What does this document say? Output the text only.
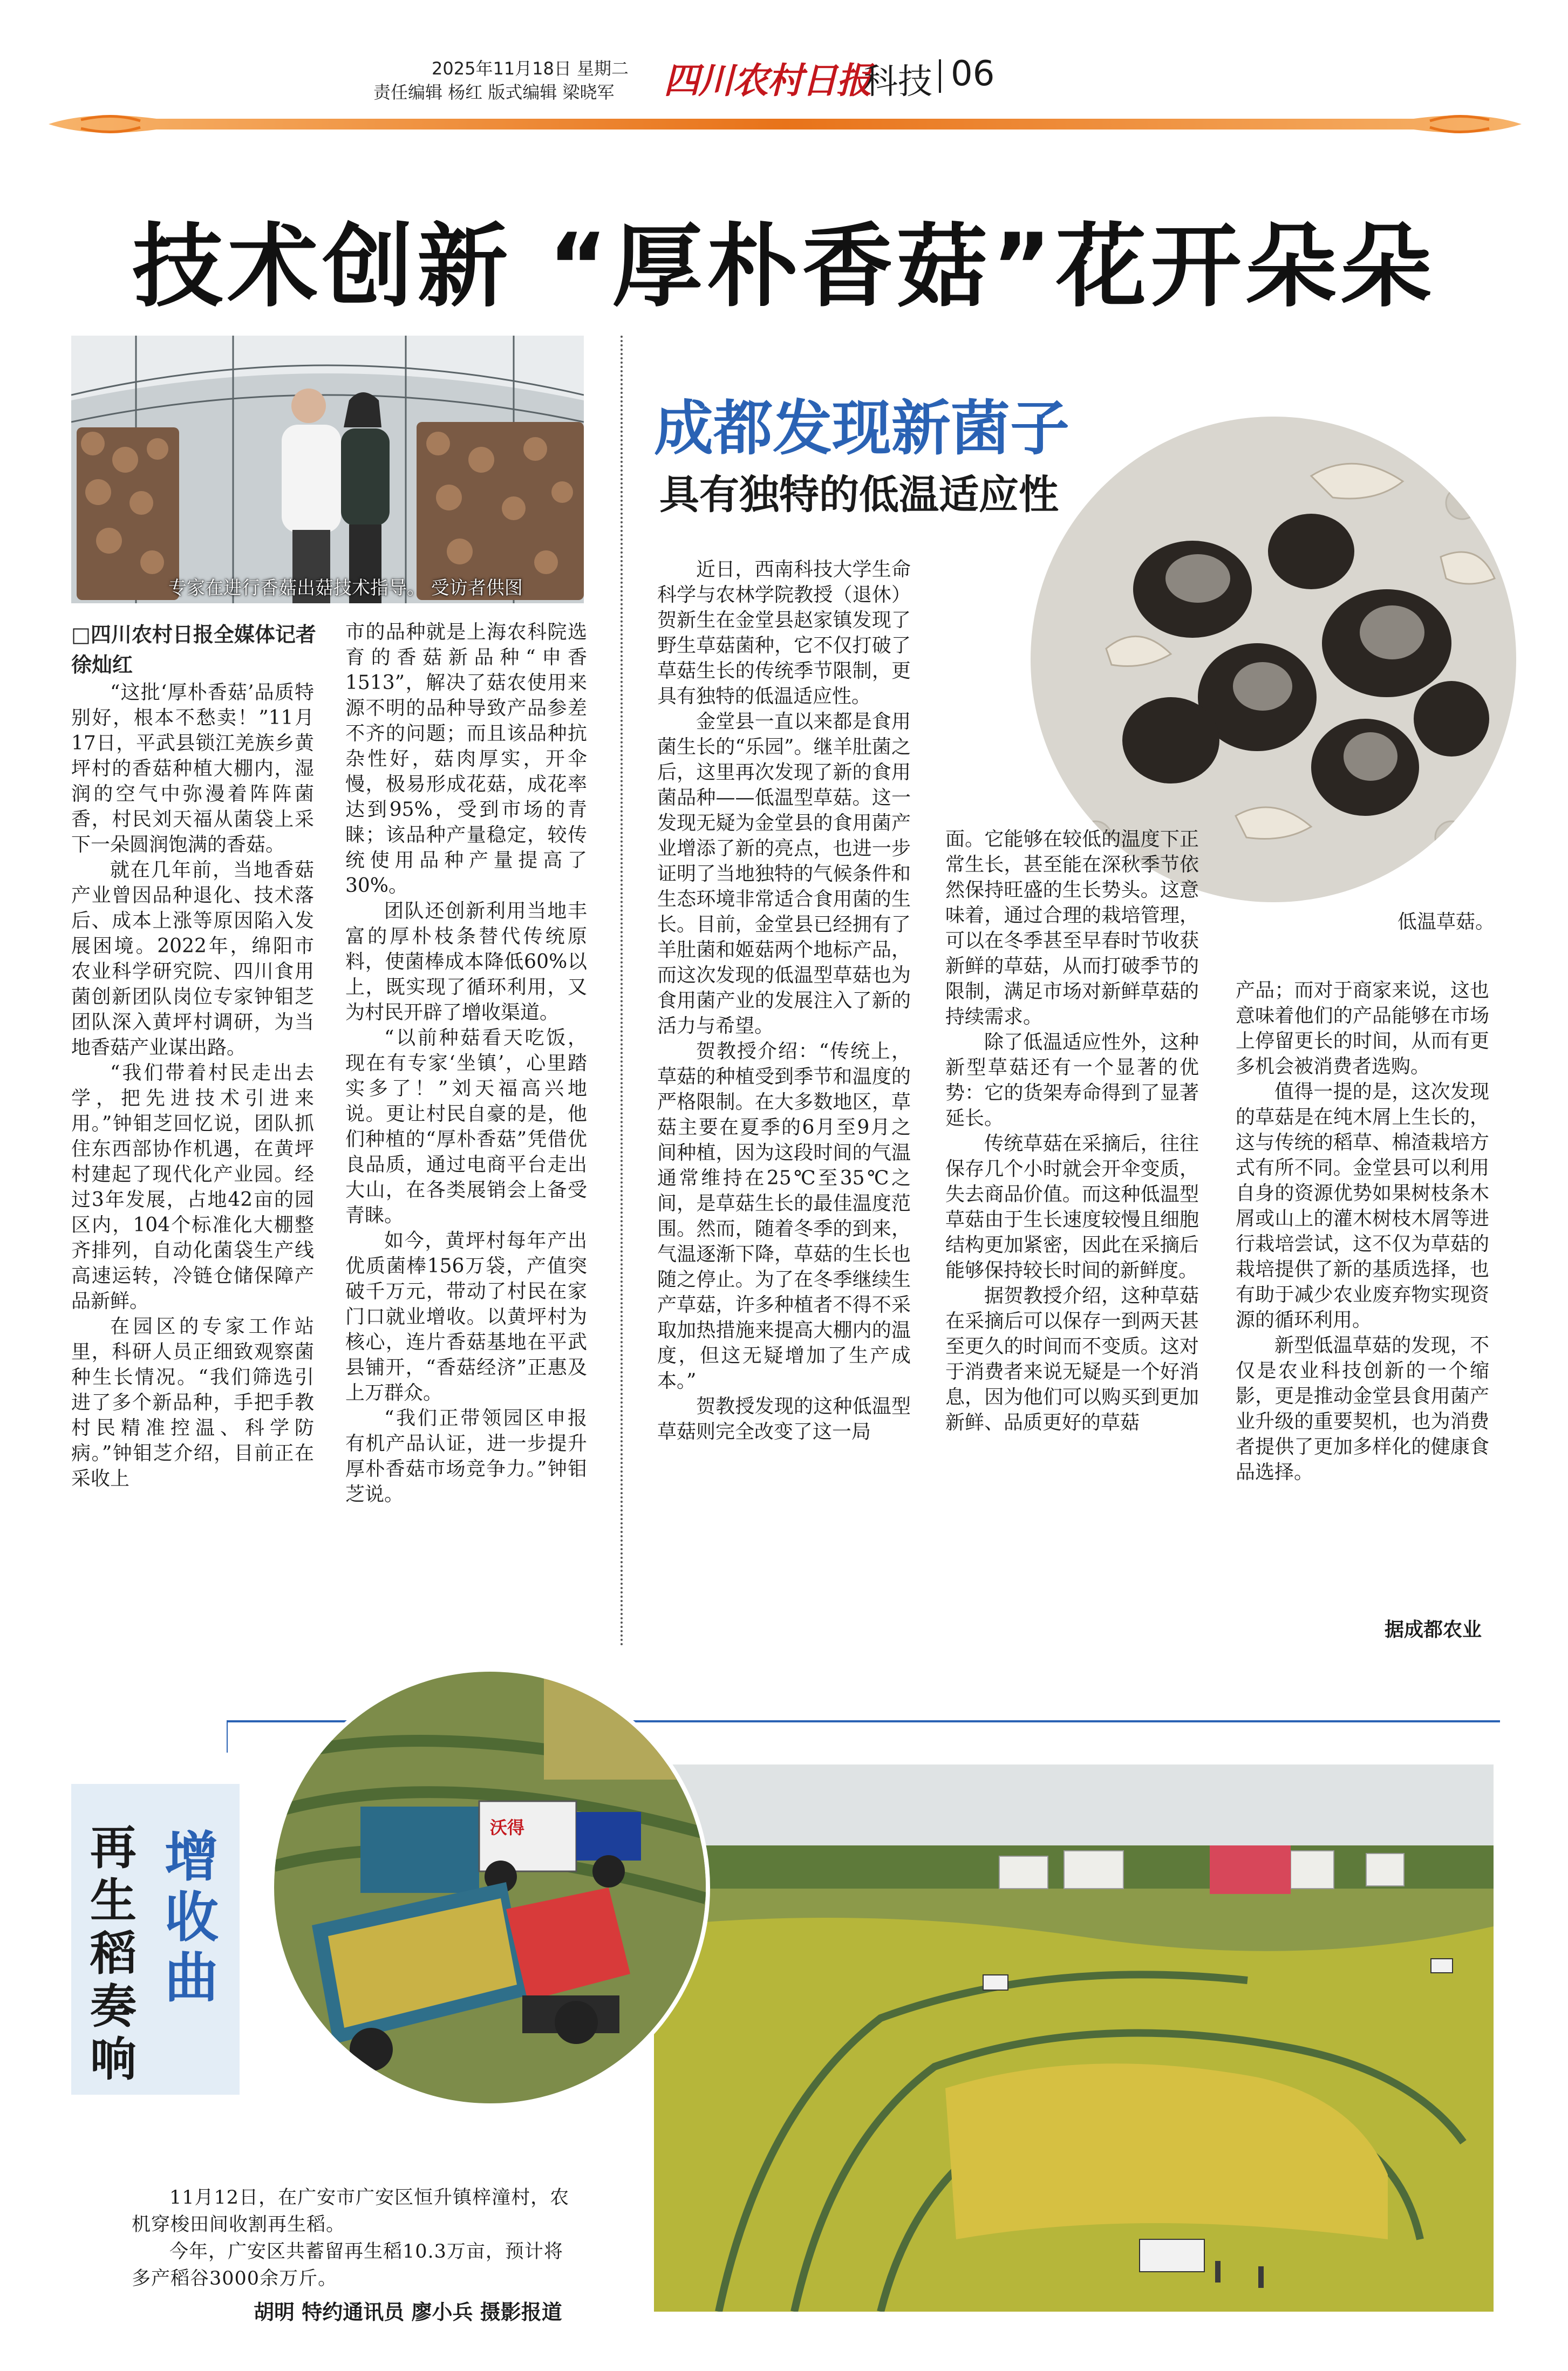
2025年11月18日 星期二
责任编辑 杨红 版式编辑 梁晓军 四川农村日报
科技 06
技术创新 “厚朴香菇”花开朵朵
专家在进行香菇出菇技术指导。 受访者供图
□四川农村日报全媒体记者 徐灿红

“这批‘厚朴香菇’品质特别好，根本不愁卖！”11月17日，平武县锁江羌族乡黄坪村的香菇种植大棚内，湿润的空气中弥漫着阵阵菌香，村民刘天福从菌袋上采下一朵圆润饱满的香菇。

就在几年前，当地香菇产业曾因品种退化、技术落后、成本上涨等原因陷入发展困境。2022年，绵阳市农业科学研究院、四川食用菌创新团队岗位专家钟钼芝团队深入黄坪村调研，为当地香菇产业谋出路。

“我们带着村民走出去学，把先进技术引进来用。”钟钼芝回忆说，团队抓住东西部协作机遇，在黄坪村建起了现代化产业园。经过3年发展，占地42亩的园区内，104个标准化大棚整齐排列，自动化菌袋生产线高速运转，冷链仓储保障产品新鲜。

在园区的专家工作站里，科研人员正细致观察菌种生长情况。“我们筛选引进了多个新品种，手把手教村民精准控温、科学防病。”钟钼芝介绍，目前正在采收上

市的品种就是上海农科院选育的香菇新品种“申香1513”，解决了菇农使用来源不明的品种导致产品参差不齐的问题；而且该品种抗杂性好，菇肉厚实，开伞慢，极易形成花菇，成花率达到95%，受到市场的青睐；该品种产量稳定，较传统使用品种产量提高了30%。

团队还创新利用当地丰富的厚朴枝条替代传统原料，使菌棒成本降低60%以上，既实现了循环利用，又为村民开辟了增收渠道。

“以前种菇看天吃饭，现在有专家‘坐镇’，心里踏实多了！”刘天福高兴地说。更让村民自豪的是，他们种植的“厚朴香菇”凭借优良品质，通过电商平台走出大山，在各类展销会上备受青睐。

如今，黄坪村每年产出优质菌棒156万袋，产值突破千万元，带动了村民在家门口就业增收。以黄坪村为核心，连片香菇基地在平武县铺开，“香菇经济”正惠及上万群众。

“我们正带领园区申报有机产品认证，进一步提升厚朴香菇市场竞争力。”钟钼芝说。

成都发现新菌子
具有独特的低温适应性

近日，西南科技大学生命科学与农林学院教授（退休）贺新生在金堂县赵家镇发现了野生草菇菌种，它不仅打破了草菇生长的传统季节限制，更具有独特的低温适应性。

金堂县一直以来都是食用菌生长的“乐园”。继羊肚菌之后，这里再次发现了新的食用菌品种——低温型草菇。这一发现无疑为金堂县的食用菌产业增添了新的亮点，也进一步证明了当地独特的气候条件和生态环境非常适合食用菌的生长。目前，金堂县已经拥有了羊肚菌和姬菇两个地标产品，而这次发现的低温型草菇也为食用菌产业的发展注入了新的活力与希望。

贺教授介绍：“传统上，草菇的种植受到季节和温度的严格限制。在大多数地区，草菇主要在夏季的6月至9月之间种植，因为这段时间的气温通常维持在25℃至35℃之间，是草菇生长的最佳温度范围。然而，随着冬季的到来，气温逐渐下降，草菇的生长也随之停止。为了在冬季继续生产草菇，许多种植者不得不采取加热措施来提高大棚内的温度，但这无疑增加了生产成本。”

贺教授发现的这种低温型草菇则完全改变了这一局

面。它能够在较低的温度下正常生长，甚至能在深秋季节依然保持旺盛的生长势头。这意味着，通过合理的栽培管理，可以在冬季甚至早春时节收获新鲜的草菇，从而打破季节的限制，满足市场对新鲜草菇的持续需求。

除了低温适应性外，这种新型草菇还有一个显著的优势：它的货架寿命得到了显著延长。

传统草菇在采摘后，往往保存几个小时就会开伞变质，失去商品价值。而这种低温型草菇由于生长速度较慢且细胞结构更加紧密，因此在采摘后能够保持较长时间的新鲜度。

据贺教授介绍，这种草菇在采摘后可以保存一到两天甚至更久的时间而不变质。这对于消费者来说无疑是一个好消息，因为他们可以购买到更加新鲜、品质更好的草菇

低温草菇。

产品；而对于商家来说，这也意味着他们的产品能够在市场上停留更长的时间，从而有更多机会被消费者选购。

值得一提的是，这次发现的草菇是在纯木屑上生长的，这与传统的稻草、棉渣栽培方式有所不同。金堂县可以利用自身的资源优势如果树枝条木屑或山上的灌木树枝木屑等进行栽培尝试，这不仅为草菇的栽培提供了新的基质选择，也有助于减少农业废弃物实现资源的循环利用。

新型低温草菇的发现，不仅是农业科技创新的一个缩影，更是推动金堂县食用菌产业升级的重要契机，也为消费者提供了更加多样化的健康食品选择。

据成都农业
增收曲
再生稻奏响
沃得

11月12日，在广安市广安区恒升镇梓潼村，农机穿梭田间收割再生稻。

今年，广安区共蓄留再生稻10.3万亩，预计将多产稻谷3000余万斤。

胡明 特约通讯员 廖小兵 摄影报道
